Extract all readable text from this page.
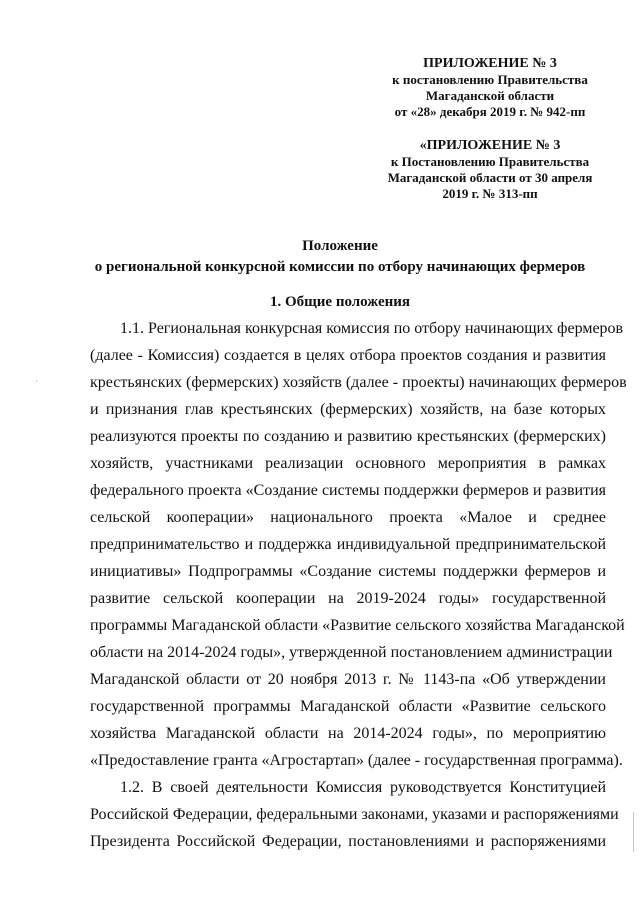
ПРИЛОЖЕНИЕ № 3
к постановлению Правительства
Магаданской области
от «28» декабря 2019 г. № 942-пп
«ПРИЛОЖЕНИЕ № 3
к Постановлению Правительства
Магаданской области от 30 апреля
2019 г. № 313-пп
Положение
о региональной конкурсной комиссии по отбору начинающих фермеров
1. Общие положения
1.1. Региональная конкурсная комиссия по отбору начинающих фермеров
(далее - Комиссия) создается в целях отбора проектов создания и развития
крестьянских (фермерских) хозяйств (далее - проекты) начинающих фермеров
и признания глав крестьянских (фермерских) хозяйств, на базе которых
реализуются проекты по созданию и развитию крестьянских (фермерских)
хозяйств, участниками реализации основного мероприятия в рамках
федерального проекта «Создание системы поддержки фермеров и развития
сельской кооперации» национального проекта «Малое и среднее
предпринимательство и поддержка индивидуальной предпринимательской
инициативы» Подпрограммы «Создание системы поддержки фермеров и
развитие сельской кооперации на 2019-2024 годы» государственной
программы Магаданской области «Развитие сельского хозяйства Магаданской
области на 2014-2024 годы», утвержденной постановлением администрации
Магаданской области от 20 ноября 2013 г. № 1143-па «Об утверждении
государственной программы Магаданской области «Развитие сельского
хозяйства Магаданской области на 2014-2024 годы», по мероприятию
«Предоставление гранта «Агростартап» (далее - государственная программа).
1.2. В своей деятельности Комиссия руководствуется Конституцией
Российской Федерации, федеральными законами, указами и распоряжениями
Президента Российской Федерации, постановлениями и распоряжениями
